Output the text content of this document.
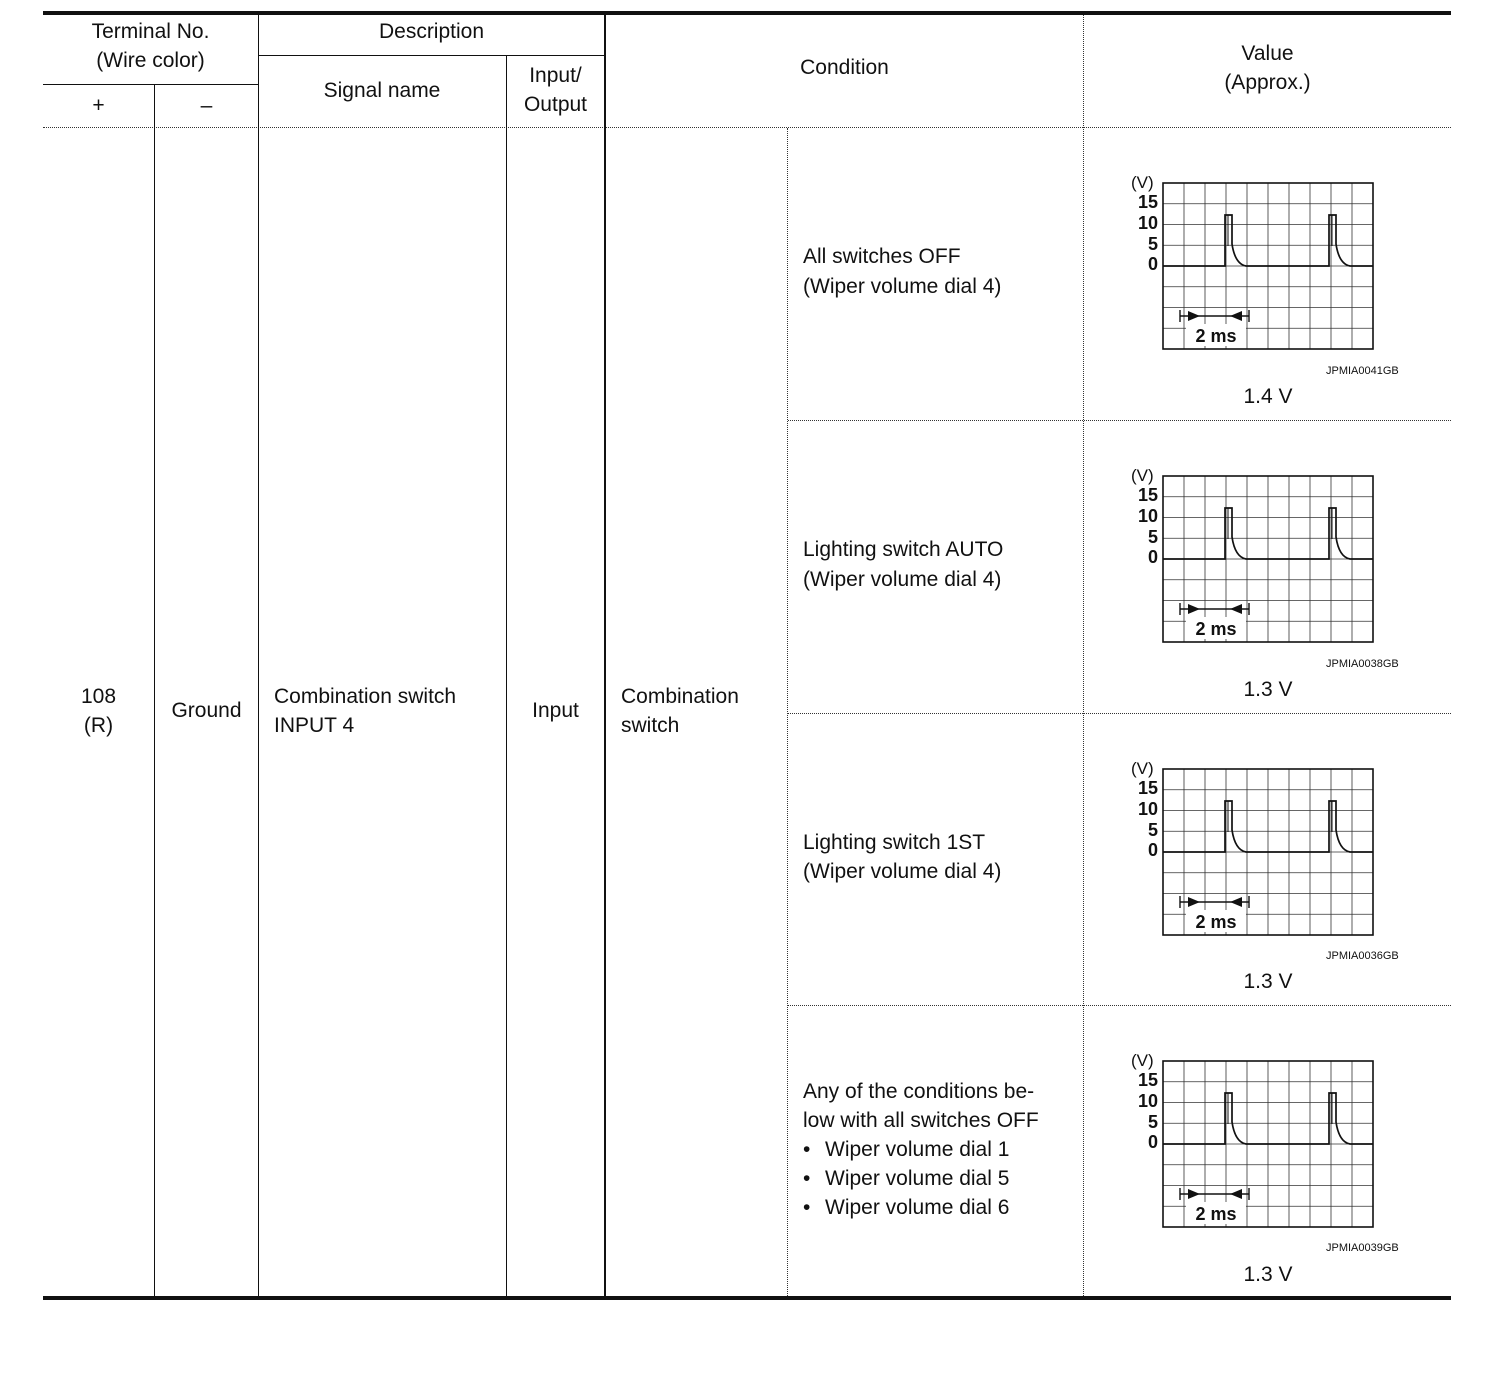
Terminal No.
(Wire color)
+	–
Description
Signal name
Input/
Output
Condition
Value
(Approx.)
108
(R)
Ground
Combination switch
INPUT 4
Input
Combination
switch
All switches OFF
(Wiper volume dial 4)
Lighting switch AUTO
(Wiper volume dial 4)
Lighting switch 1ST
(Wiper volume dial 4)
Any of the conditions be-
low with all switches OFF
• Wiper volume dial 1
• Wiper volume dial 5
• Wiper volume dial 6
(V)
15
10
5
0
2 ms
(V)
15
10
5
0
2 ms
(V)
15
10
5
0
2 ms
(V)
15
10
5
0
2 ms
JPMIA0041GB
JPMIA0038GB
JPMIA0036GB
JPMIA0039GB
1.4 V
1.3 V
1.3 V
1.3 V
